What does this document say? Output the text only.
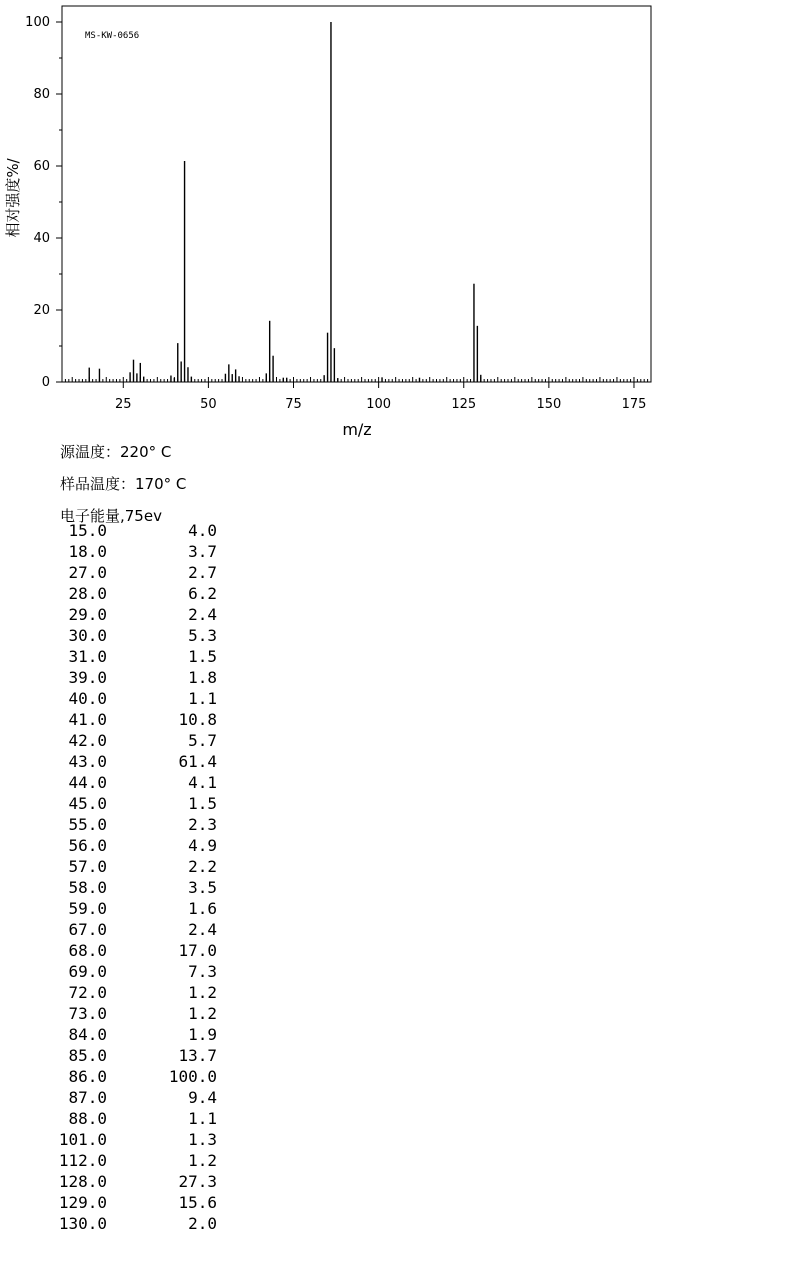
25	50	75	100	125	150	175
0
20
40
60
80
100
MS-KW-0656
m/z
相对强度%/
源温度：220° C
样品温度：170° C
电子能量,75ev
15.0	4.0
18.0	3.7
27.0	2.7
28.0	6.2
29.0	2.4
30.0	5.3
31.0	1.5
39.0	1.8
40.0	1.1
41.0	10.8
42.0	5.7
43.0	61.4
44.0	4.1
45.0	1.5
55.0	2.3
56.0	4.9
57.0	2.2
58.0	3.5
59.0	1.6
67.0	2.4
68.0	17.0
69.0	7.3
72.0	1.2
73.0	1.2
84.0	1.9
85.0	13.7
86.0	100.0
87.0	9.4
88.0	1.1
101.0	1.3
112.0	1.2
128.0	27.3
129.0	15.6
130.0	2.0
